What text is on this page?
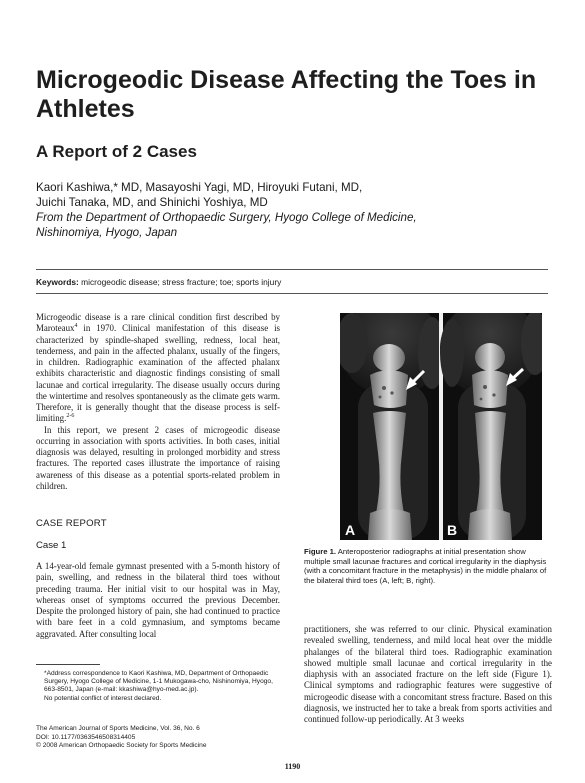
Microgeodic Disease Affecting the Toes in Athletes
A Report of 2 Cases
Kaori Kashiwa,* MD, Masayoshi Yagi, MD, Hiroyuki Futani, MD,
Juichi Tanaka, MD, and Shinichi Yoshiya, MD
From the Department of Orthopaedic Surgery, Hyogo College of Medicine,
Nishinomiya, Hyogo, Japan
Keywords: microgeodic disease; stress fracture; toe; sports injury

Microgeodic disease is a rare clinical condition first described by Maroteaux$^4$ in 1970. Clinical manifestation of this disease is characterized by spindle-shaped swelling, redness, local heat, tenderness, and pain in the affected phalanx, usually of the fingers, in children. Radiographic examination of the affected phalanx exhibits characteristic and diagnostic findings consisting of small lacunae and cortical irregularity. The disease usually occurs during the wintertime and resolves spontaneously as the climate gets warm. Therefore, it is generally thought that the disease process is self-limiting.$^{2-6}$

In this report, we present 2 cases of microgeodic disease occurring in association with sports activities. In both cases, initial diagnosis was delayed, resulting in prolonged morbidity and stress fractures. The reported cases illustrate the importance of raising awareness of this disease as a potential sports-related problem in children.

CASE REPORT
Case 1

A 14-year-old female gymnast presented with a 5-month history of pain, swelling, and redness in the bilateral third toes without preceding trauma. Her initial visit to our hospital was in May, whereas onset of symptoms occurred the previous December. Despite the prolonged history of pain, she had continued to practice with bare feet in a cold gymnasium, and symptoms became aggravated. After consulting local

*Address correspondence to Kaori Kashiwa, MD, Department of Orthopaedic Surgery, Hyogo College of Medicine, 1-1 Mukogawa-cho, Nishinomiya, Hyogo, 663-8501, Japan (e-mail: kkashiwa@hyo-med.ac.jp).

No potential conflict of interest declared.

The American Journal of Sports Medicine, Vol. 36, No. 6
DOI: 10.1177/0363546508314405
© 2008 American Orthopaedic Society for Sports Medicine
A	B
Figure 1. Anteroposterior radiographs at initial presentation show multiple small lacunae fractures and cortical irregularity in the diaphysis (with a concomitant fracture in the metaphysis) in the middle phalanx of the bilateral third toes (A, left; B, right).

practitioners, she was referred to our clinic. Physical examination revealed swelling, tenderness, and mild local heat over the middle phalanges of the bilateral third toes. Radiographic examination showed multiple small lacunae and cortical irregularity in the diaphysis with an associated fracture on the left side (Figure 1). Clinical symptoms and radiographic features were suggestive of microgeodic disease with a concomitant stress fracture. Based on this diagnosis, we instructed her to take a break from sports activities and continued follow-up periodically. At 3 weeks

1190
